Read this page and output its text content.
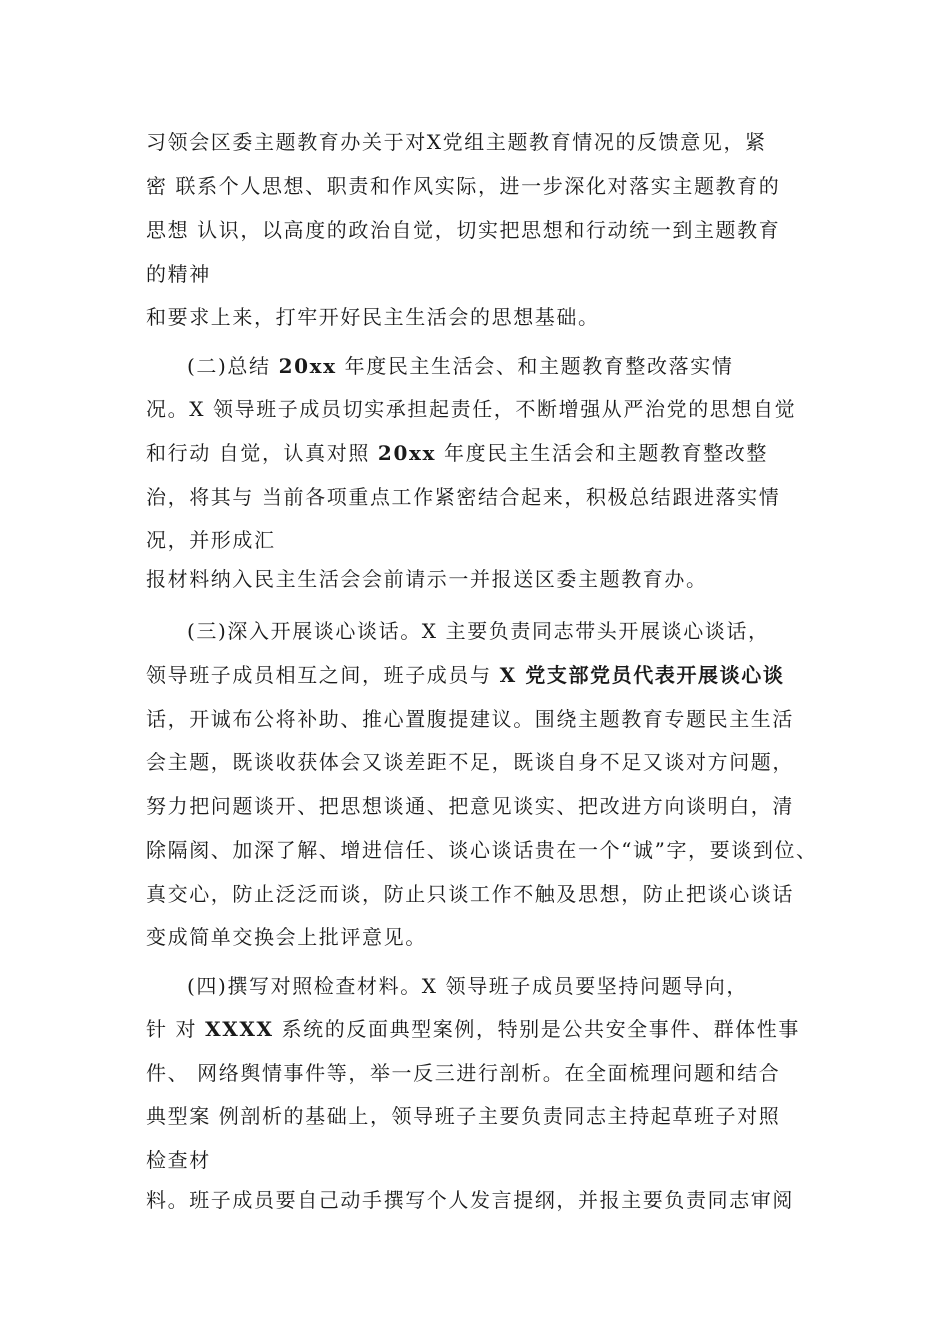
习领会区委主题教育办关于对X党组主题教育情况的反馈意见，紧
密 联系个人思想、职责和作风实际，进一步深化对落实主题教育的
思想 认识，以高度的政治自觉，切实把思想和行动统一到主题教育
的精神
和要求上来，打牢开好民主生活会的思想基础。
(二)总结 20xx 年度民主生活会、和主题教育整改落实情
况。X 领导班子成员切实承担起责任，不断增强从严治党的思想自觉
和行动 自觉，认真对照 20xx 年度民主生活会和主题教育整改整
治，将其与 当前各项重点工作紧密结合起来，积极总结跟进落实情
况，并形成汇
报材料纳入民主生活会会前请示一并报送区委主题教育办。
(三)深入开展谈心谈话。X 主要负责同志带头开展谈心谈话，
领导班子成员相互之间，班子成员与 X 党支部党员代表开展谈心谈
话，开诚布公将补助、推心置腹提建议。围绕主题教育专题民主生活
会主题，既谈收获体会又谈差距不足，既谈自身不足又谈对方问题，
努力把问题谈开、把思想谈通、把意见谈实、把改进方向谈明白，清
除隔阂、加深了解、增进信任、谈心谈话贵在一个“诚”字，要谈到位、
真交心，防止泛泛而谈，防止只谈工作不触及思想，防止把谈心谈话
变成简单交换会上批评意见。
(四)撰写对照检查材料。X 领导班子成员要坚持问题导向，
针 对 XXXX 系统的反面典型案例，特别是公共安全事件、群体性事
件、 网络舆情事件等，举一反三进行剖析。在全面梳理问题和结合
典型案 例剖析的基础上，领导班子主要负责同志主持起草班子对照
检查材
料。班子成员要自己动手撰写个人发言提纲，并报主要负责同志审阅
